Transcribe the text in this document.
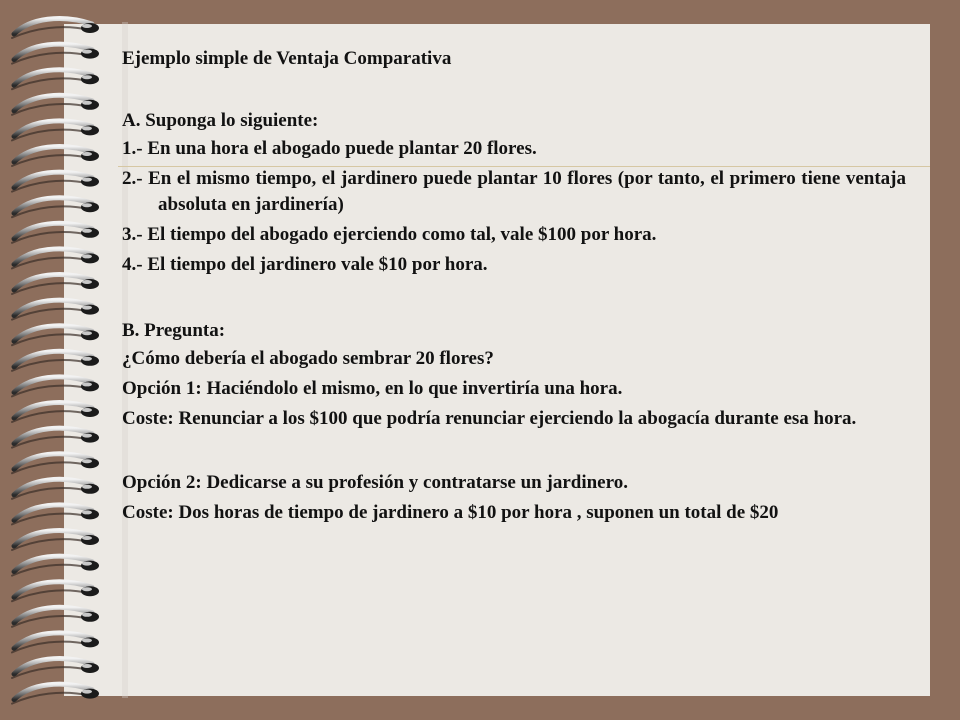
Ejemplo simple de Ventaja Comparativa

A. Suponga lo siguiente:

1.- En una hora el abogado puede plantar 20 flores.

2.- En el mismo tiempo, el jardinero puede plantar 10 flores (por tanto, el primero tiene ventaja absoluta en jardinería)

3.- El tiempo del abogado ejerciendo como tal, vale $100 por hora.

4.- El tiempo del jardinero vale $10 por hora.

B. Pregunta:

¿Cómo debería el abogado sembrar 20 flores?

Opción 1: Haciéndolo el mismo, en lo que invertiría una hora.

Coste: Renunciar a los $100 que podría renunciar ejerciendo la abogacía durante esa hora.

Opción 2: Dedicarse a su profesión y contratarse un jardinero.

Coste: Dos horas de tiempo de jardinero a $10 por hora , suponen un total de $20
